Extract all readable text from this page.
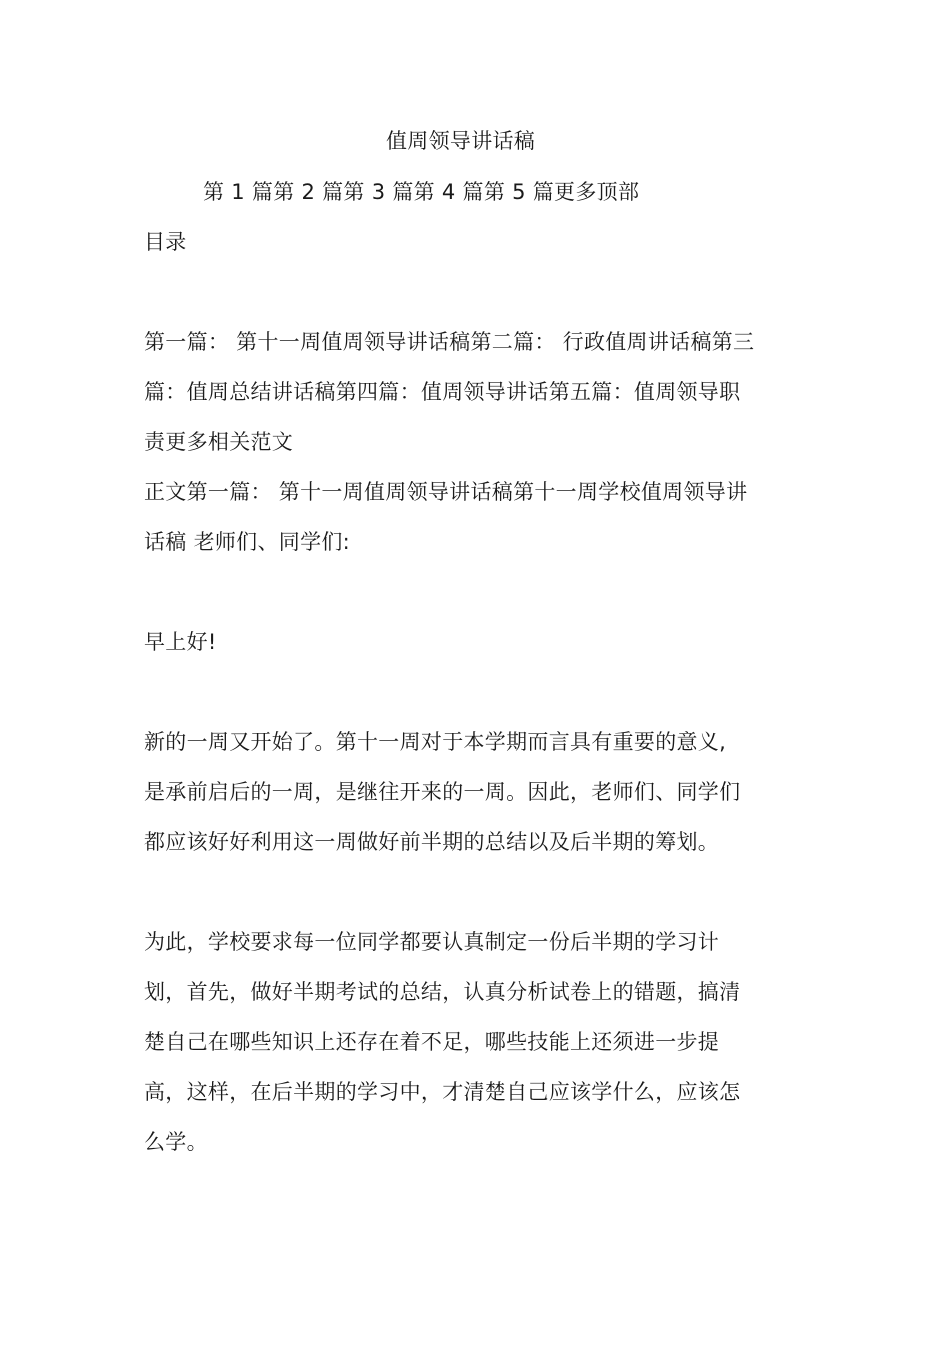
值周领导讲话稿
第 1 篇第 2 篇第 3 篇第 4 篇第 5 篇更多顶部
目录
第一篇： 第十一周值周领导讲话稿第二篇： 行政值周讲话稿第三
篇：值周总结讲话稿第四篇：值周领导讲话第五篇：值周领导职
责更多相关范文
正文第一篇： 第十一周值周领导讲话稿第十一周学校值周领导讲
话稿 老师们、同学们:
早上好!
新的一周又开始了。第十一周对于本学期而言具有重要的意义,
是承前启后的一周，是继往开来的一周。因此，老师们、同学们
都应该好好利用这一周做好前半期的总结以及后半期的筹划。
为此，学校要求每一位同学都要认真制定一份后半期的学习计
划，首先，做好半期考试的总结，认真分析试卷上的错题，搞清
楚自己在哪些知识上还存在着不足，哪些技能上还须进一步提
高，这样，在后半期的学习中，才清楚自己应该学什么，应该怎
么学。
